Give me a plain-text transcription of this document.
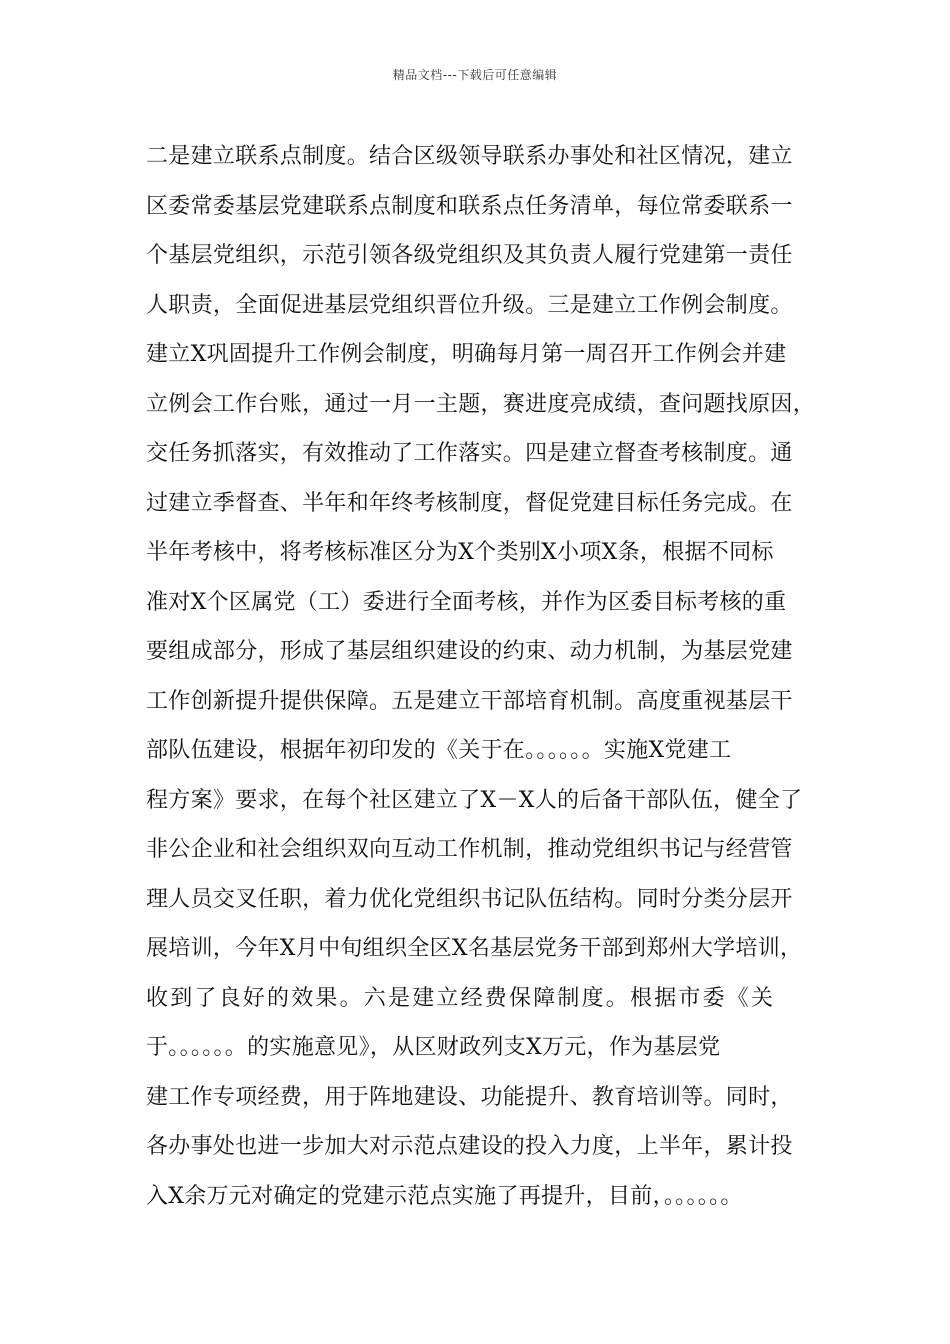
精品文档---下载后可任意编辑
二是建立联系点制度。结合区级领导联系办事处和社区情况，建立
区委常委基层党建联系点制度和联系点任务清单，每位常委联系一
个基层党组织，示范引领各级党组织及其负责人履行党建第一责任
人职责，全面促进基层党组织晋位升级。三是建立工作例会制度。
建立X巩固提升工作例会制度，明确每月第一周召开工作例会并建
立例会工作台账，通过一月一主题，赛进度亮成绩，查问题找原因，
交任务抓落实，有效推动了工作落实。四是建立督查考核制度。通
过建立季督查、半年和年终考核制度，督促党建目标任务完成。在
半年考核中，将考核标准区分为X个类别X小项X条，根据不同标
准对X个区属党（工）委进行全面考核，并作为区委目标考核的重
要组成部分，形成了基层组织建设的约束、动力机制，为基层党建
工作创新提升提供保障。五是建立干部培育机制。高度重视基层干
部队伍建设，根据年初印发的《关于在。。。。。。实施X党建工
程方案》要求，在每个社区建立了X－X人的后备干部队伍，健全了
非公企业和社会组织双向互动工作机制，推动党组织书记与经营管
理人员交叉任职，着力优化党组织书记队伍结构。同时分类分层开
展培训，今年X月中旬组织全区X名基层党务干部到郑州大学培训，
收到了良好的效果。六是建立经费保障制度。根据市委《关
于。。。。。。的实施意见》，从区财政列支X万元，作为基层党
建工作专项经费，用于阵地建设、功能提升、教育培训等。同时，
各办事处也进一步加大对示范点建设的投入力度，上半年，累计投
入X余万元对确定的党建示范点实施了再提升，目前，。。。。。。
